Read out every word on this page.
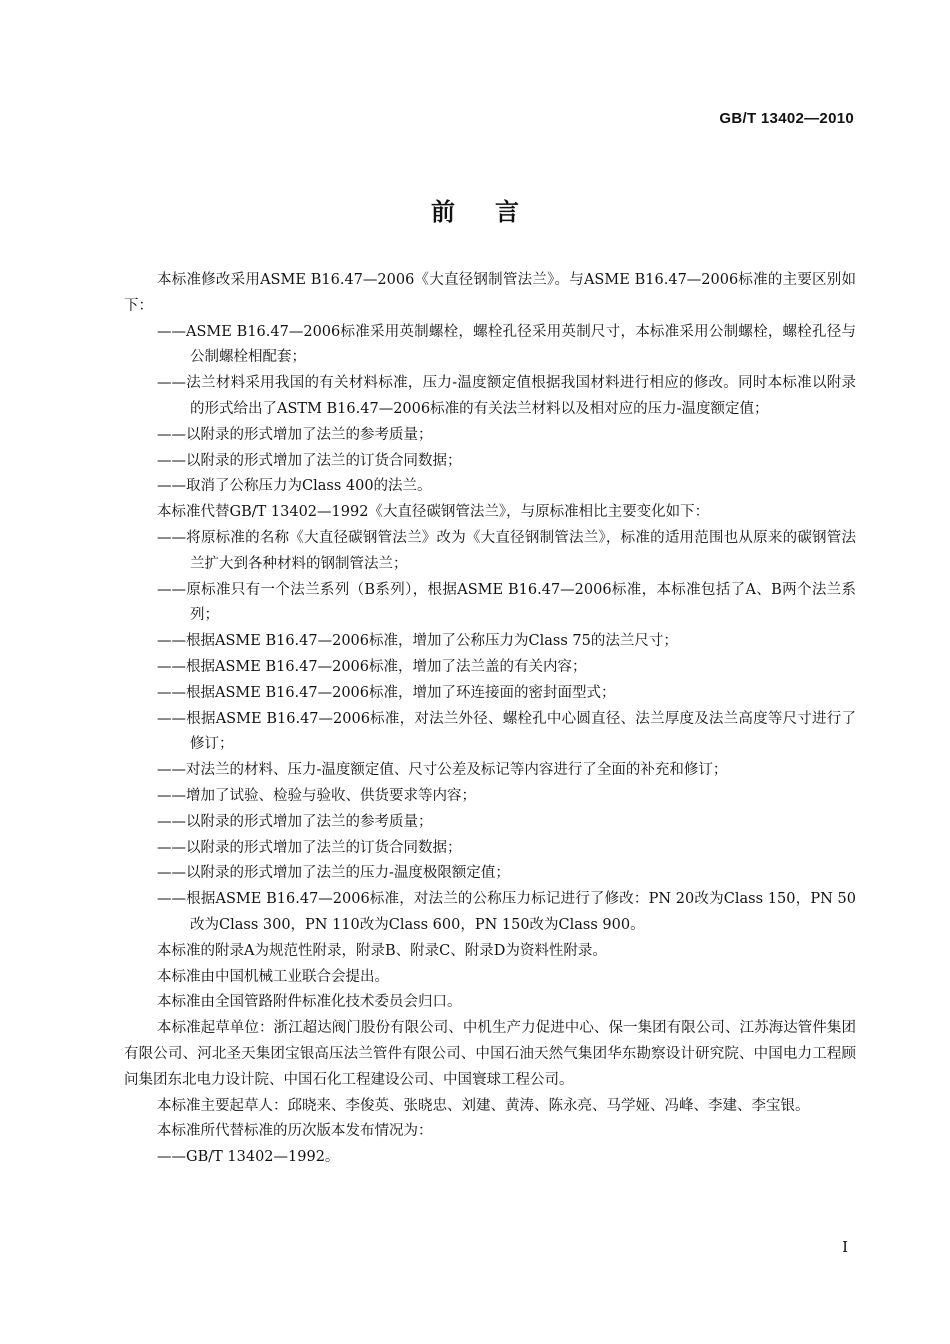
GB/T 13402—2010
前言

本标准修改采用ASME B16.47—2006《大直径钢制管法兰》。与ASME B16.47—2006标准的主要区别如下：

——ASME B16.47—2006标准采用英制螺栓，螺栓孔径采用英制尺寸，本标准采用公制螺栓，螺栓孔径与公制螺栓相配套；

——法兰材料采用我国的有关材料标准，压力-温度额定值根据我国材料进行相应的修改。同时本标准以附录的形式给出了ASTM B16.47—2006标准的有关法兰材料以及相对应的压力-温度额定值；

——以附录的形式增加了法兰的参考质量；

——以附录的形式增加了法兰的订货合同数据；

——取消了公称压力为Class 400的法兰。

本标准代替GB/T 13402—1992《大直径碳钢管法兰》，与原标准相比主要变化如下：

——将原标准的名称《大直径碳钢管法兰》改为《大直径钢制管法兰》，标准的适用范围也从原来的碳钢管法兰扩大到各种材料的钢制管法兰；

——原标准只有一个法兰系列（B系列），根据ASME B16.47—2006标准，本标准包括了A、B两个法兰系列；

——根据ASME B16.47—2006标准，增加了公称压力为Class 75的法兰尺寸；

——根据ASME B16.47—2006标准，增加了法兰盖的有关内容；

——根据ASME B16.47—2006标准，增加了环连接面的密封面型式；

——根据ASME B16.47—2006标准，对法兰外径、螺栓孔中心圆直径、法兰厚度及法兰高度等尺寸进行了修订；

——对法兰的材料、压力-温度额定值、尺寸公差及标记等内容进行了全面的补充和修订；

——增加了试验、检验与验收、供货要求等内容；

——以附录的形式增加了法兰的参考质量；

——以附录的形式增加了法兰的订货合同数据；

——以附录的形式增加了法兰的压力-温度极限额定值；

——根据ASME B16.47—2006标准，对法兰的公称压力标记进行了修改：PN 20改为Class 150，PN 50改为Class 300，PN 110改为Class 600，PN 150改为Class 900。

本标准的附录A为规范性附录，附录B、附录C、附录D为资料性附录。

本标准由中国机械工业联合会提出。

本标准由全国管路附件标准化技术委员会归口。

本标准起草单位：浙江超达阀门股份有限公司、中机生产力促进中心、保一集团有限公司、江苏海达管件集团有限公司、河北圣天集团宝银高压法兰管件有限公司、中国石油天然气集团华东勘察设计研究院、中国电力工程顾问集团东北电力设计院、中国石化工程建设公司、中国寰球工程公司。

本标准主要起草人：邱晓来、李俊英、张晓忠、刘建、黄涛、陈永亮、马学娅、冯峰、李建、李宝银。

本标准所代替标准的历次版本发布情况为：

——GB/T 13402—1992。

I
